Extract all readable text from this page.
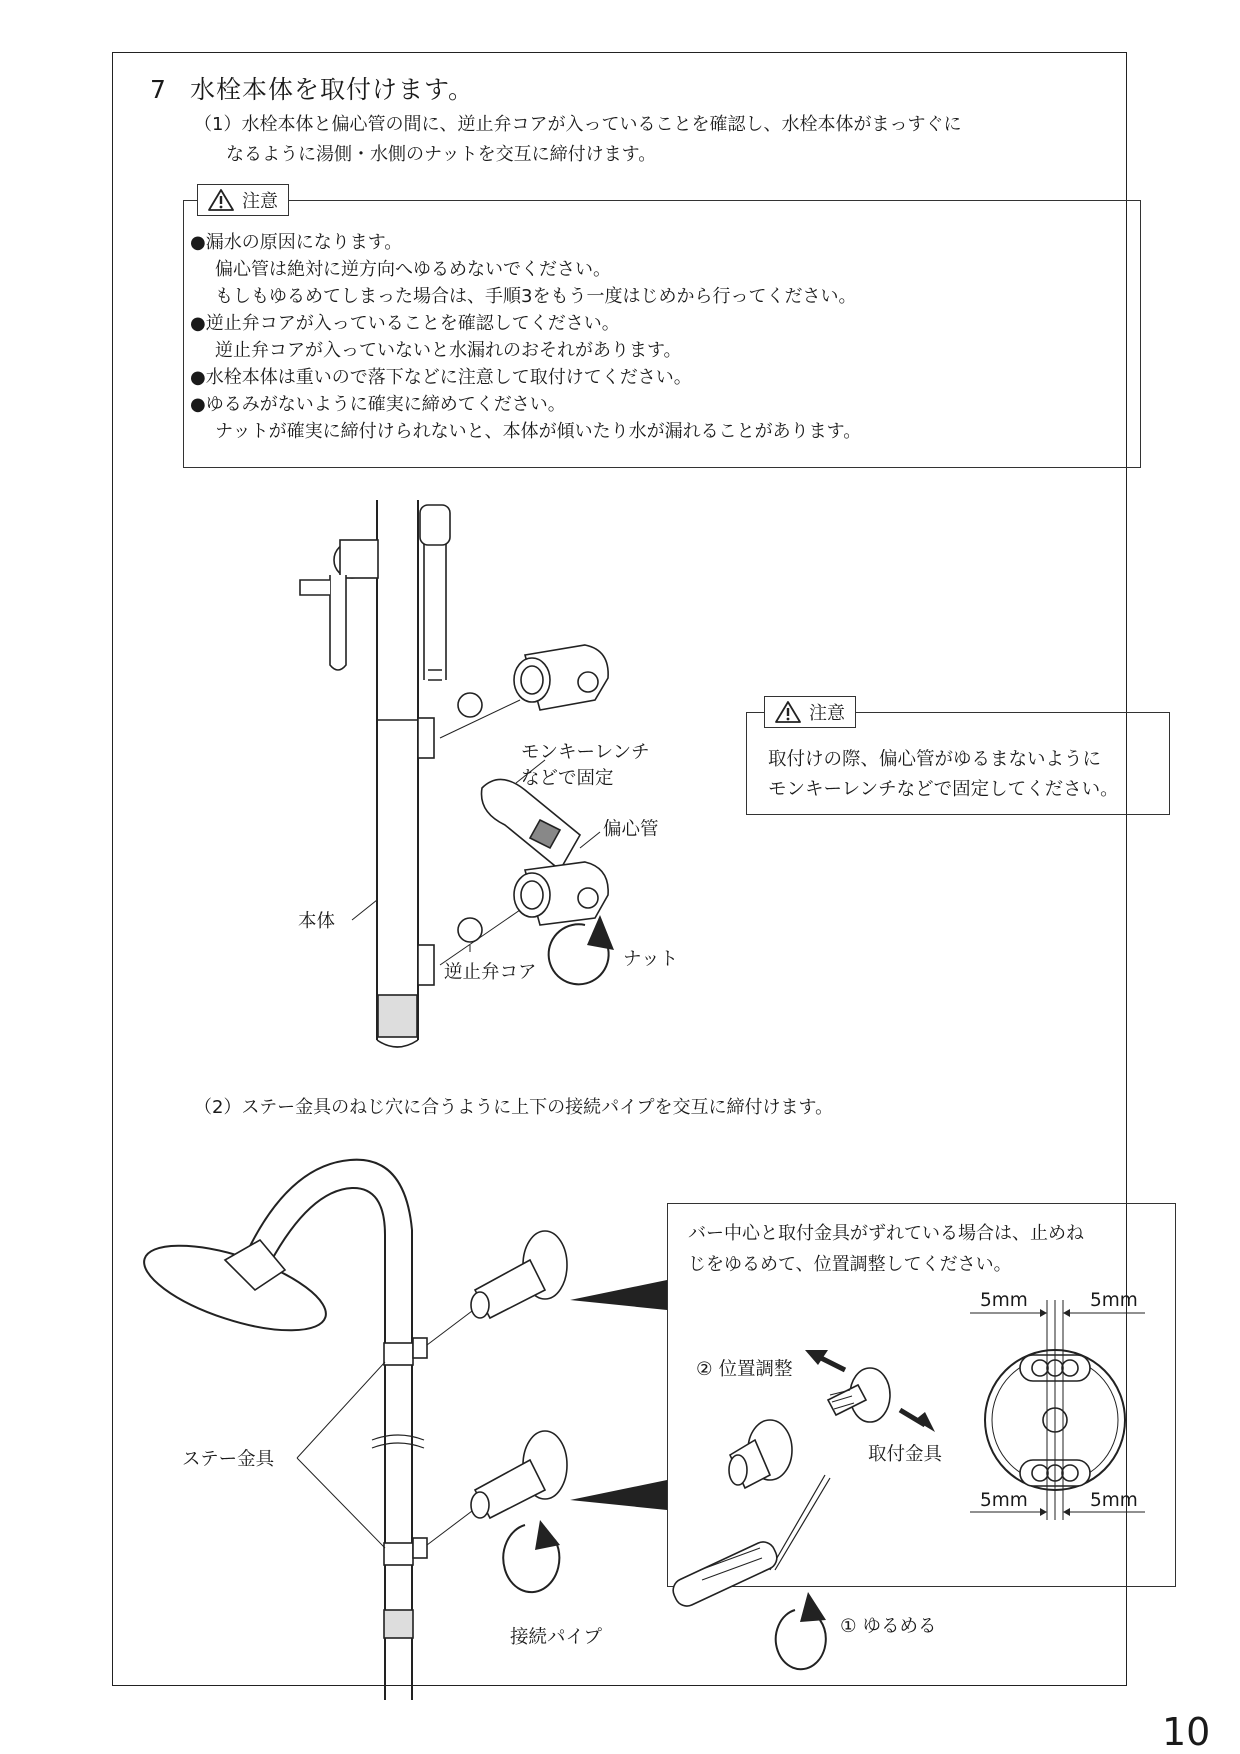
7 水栓本体を取付けます。
（1）水栓本体と偏心管の間に、逆止弁コアが入っていることを確認し、水栓本体がまっすぐに
なるように湯側・水側のナットを交互に締付けます。
注意
●漏水の原因になります。
偏心管は絶対に逆方向へゆるめないでください。
もしもゆるめてしまった場合は、手順3をもう一度はじめから行ってください。
●逆止弁コアが入っていることを確認してください。
逆止弁コアが入っていないと水漏れのおそれがあります。
●水栓本体は重いので落下などに注意して取付けてください。
●ゆるみがないように確実に締めてください。
ナットが確実に締付けられないと、本体が傾いたり水が漏れることがあります。
モンキーレンチ
などで固定
偏心管
本体
逆止弁コア
ナット
注意
取付けの際、偏心管がゆるまないように
モンキーレンチなどで固定してください。
（2）ステー金具のねじ穴に合うように上下の接続パイプを交互に締付けます。
ステー金具
接続パイプ
バー中心と取付金具がずれている場合は、止めね
じをゆるめて、位置調整してください。
② 位置調整
取付金具
① ゆるめる
5mm	5mm
5mm	5mm
10
